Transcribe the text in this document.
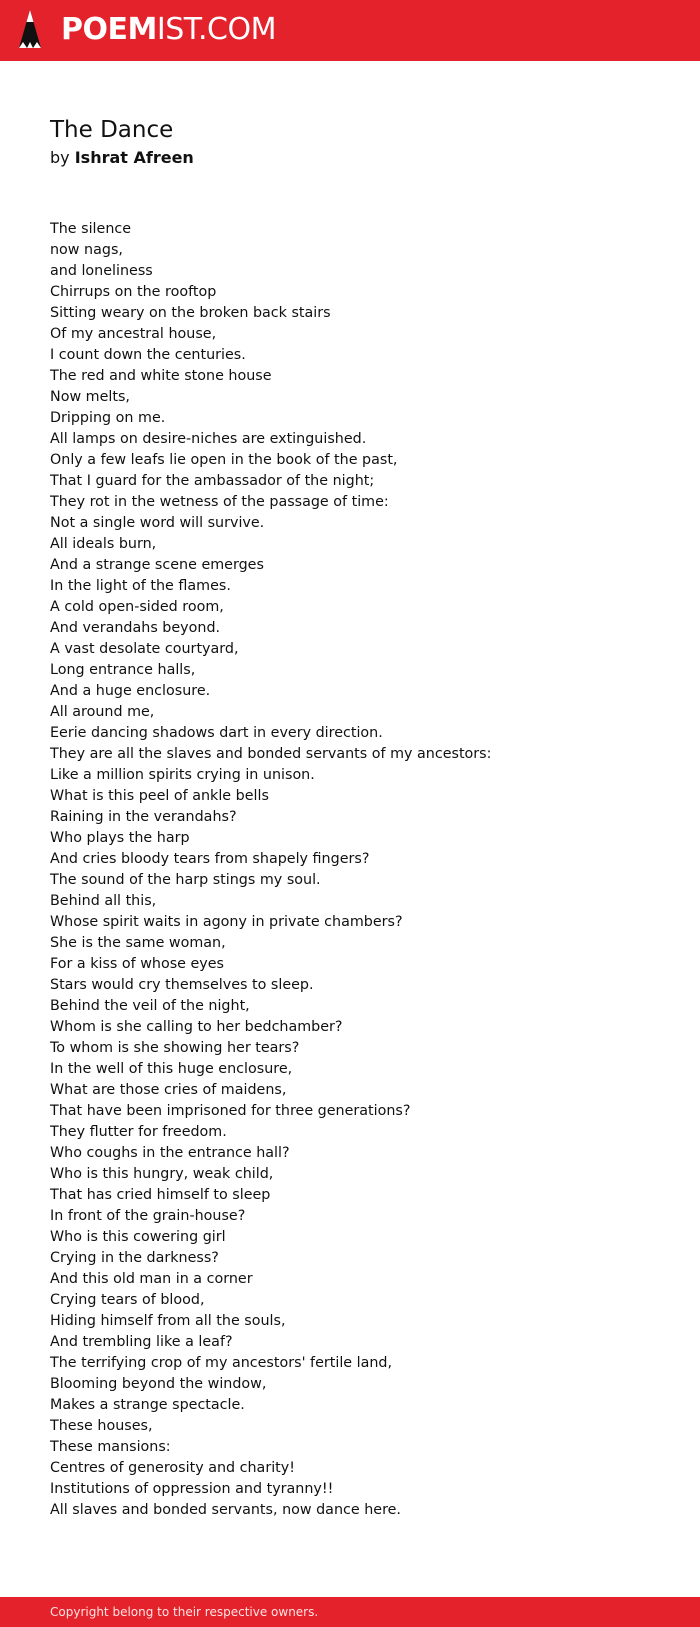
POEMIST.COM
The Dance
by Ishrat Afreen
The silence
now nags,
and loneliness
Chirrups on the rooftop
Sitting weary on the broken back stairs
Of my ancestral house,
I count down the centuries.
The red and white stone house
Now melts,
Dripping on me.
All lamps on desire-niches are extinguished.
Only a few leafs lie open in the book of the past,
That I guard for the ambassador of the night;
They rot in the wetness of the passage of time:
Not a single word will survive.
All ideals burn,
And a strange scene emerges
In the light of the flames.
A cold open-sided room,
And verandahs beyond.
A vast desolate courtyard,
Long entrance halls,
And a huge enclosure.
All around me,
Eerie dancing shadows dart in every direction.
They are all the slaves and bonded servants of my ancestors:
Like a million spirits crying in unison.
What is this peel of ankle bells
Raining in the verandahs?
Who plays the harp
And cries bloody tears from shapely fingers?
The sound of the harp stings my soul.
Behind all this,
Whose spirit waits in agony in private chambers?
She is the same woman,
For a kiss of whose eyes
Stars would cry themselves to sleep.
Behind the veil of the night,
Whom is she calling to her bedchamber?
To whom is she showing her tears?
In the well of this huge enclosure,
What are those cries of maidens,
That have been imprisoned for three generations?
They flutter for freedom.
Who coughs in the entrance hall?
Who is this hungry, weak child,
That has cried himself to sleep
In front of the grain-house?
Who is this cowering girl
Crying in the darkness?
And this old man in a corner
Crying tears of blood,
Hiding himself from all the souls,
And trembling like a leaf?
The terrifying crop of my ancestors' fertile land,
Blooming beyond the window,
Makes a strange spectacle.
These houses,
These mansions:
Centres of generosity and charity!
Institutions of oppression and tyranny!!
All slaves and bonded servants, now dance here.
Copyright belong to their respective owners.
